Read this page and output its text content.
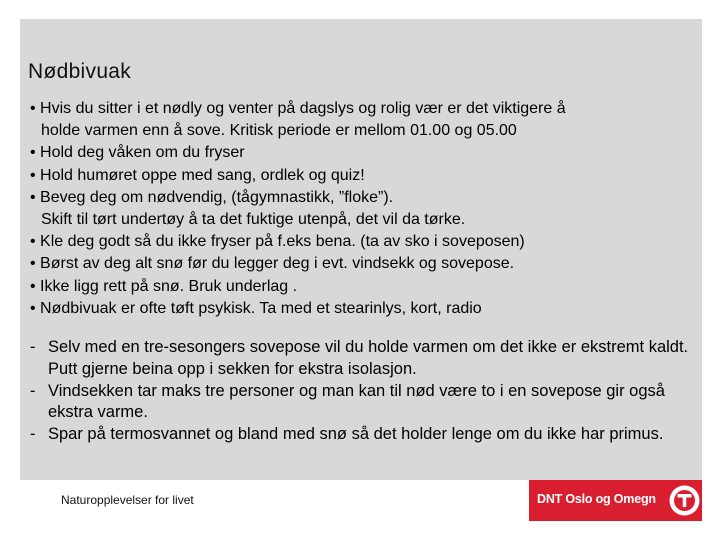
Nødbivuak
• Hvis du sitter i et nødly og venter på dagslys og rolig vær er det viktigere å
holde varmen enn å sove. Kritisk periode er mellom 01.00 og 05.00
• Hold deg våken om du fryser
• Hold humøret oppe med sang, ordlek og quiz!
• Beveg deg om nødvendig, (tågymnastikk, ”floke”).
Skift til tørt undertøy å ta det fuktige utenpå, det vil da tørke.
• Kle deg godt så du ikke fryser på f.eks bena. (ta av sko i soveposen)
• Børst av deg alt snø før du legger deg i evt. vindsekk og sovepose.
• Ikke ligg rett på snø. Bruk underlag .
• Nødbivuak er ofte tøft psykisk. Ta med et stearinlys, kort, radio
- Selv med en tre-sesongers sovepose vil du holde varmen om det ikke er ekstremt kaldt. Putt gjerne beina opp i sekken for ekstra isolasjon.
- Vindsekken tar maks tre personer og man kan til nød være to i en sovepose gir også ekstra varme.
- Spar på termosvannet og bland med snø så det holder lenge om du ikke har primus.
Naturopplevelser for livet	DNT Oslo og Omegn
